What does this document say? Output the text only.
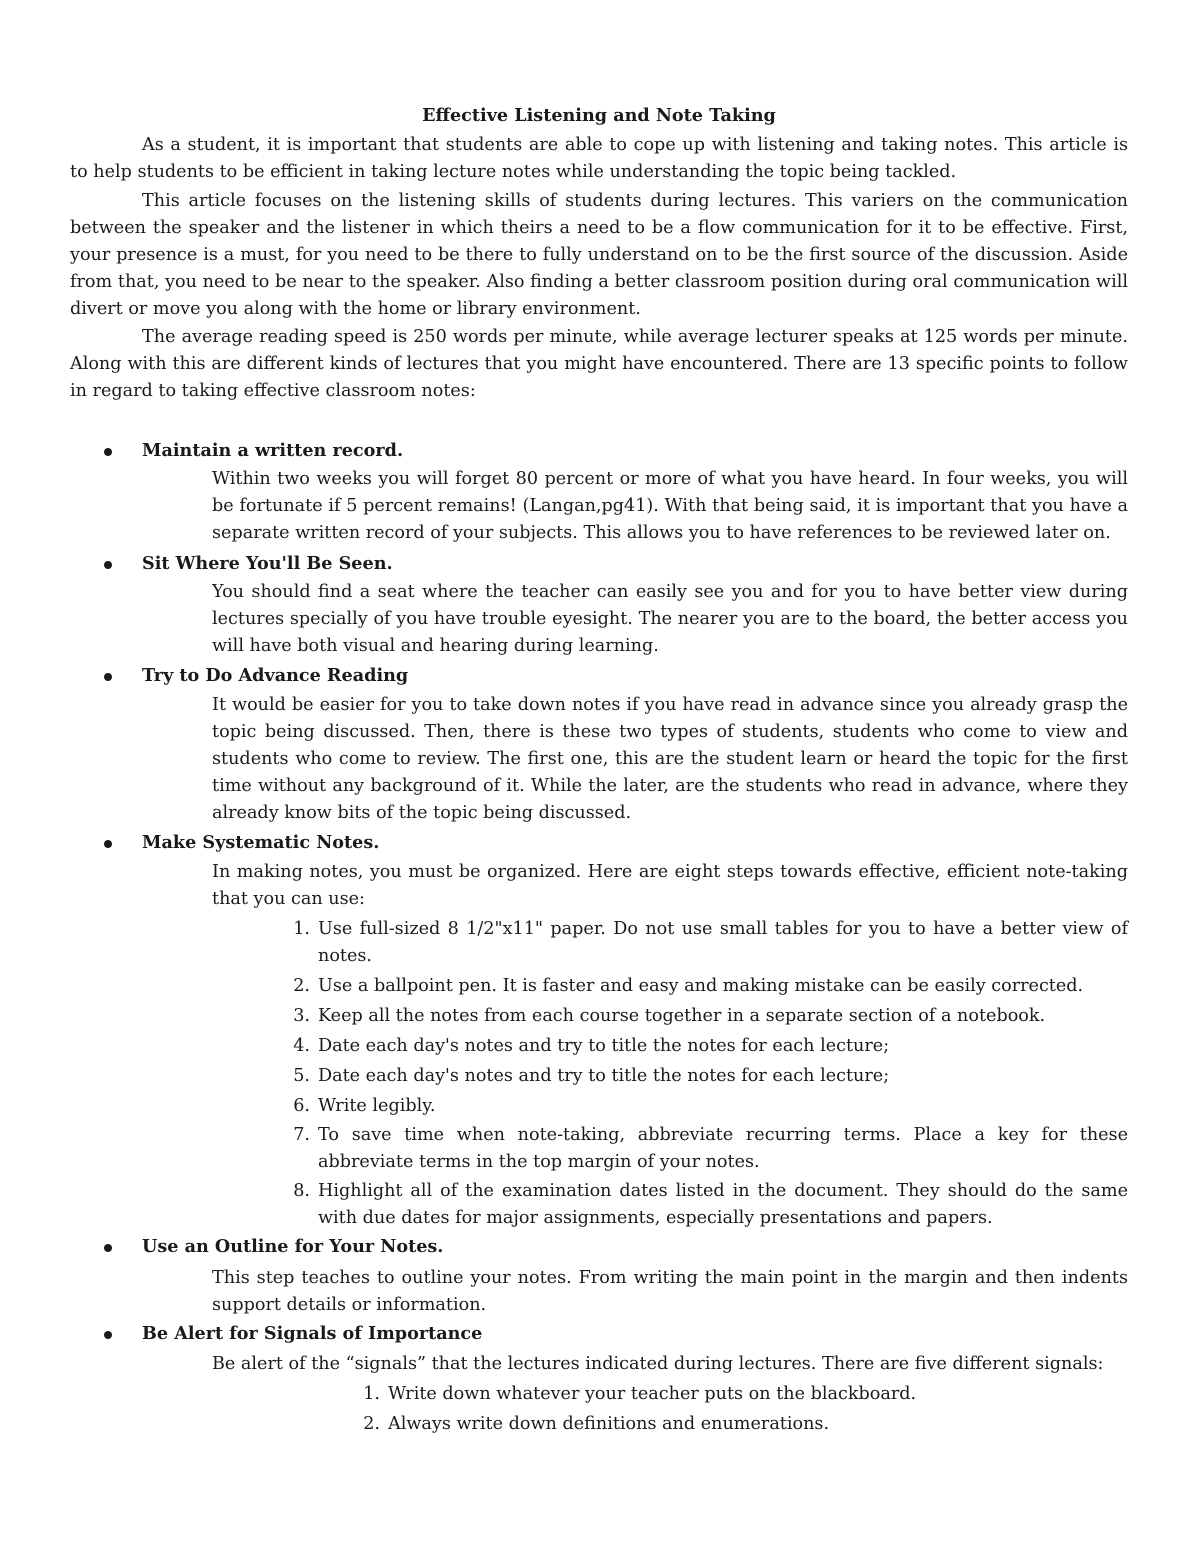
Effective Listening and Note Taking

As a student, it is important that students are able to cope up with listening and taking notes. This article is to help students to be efficient in taking lecture notes while understanding the topic being tackled.

This article focuses on the listening skills of students during lectures. This variers on the communication between the speaker and the listener in which theirs a need to be a flow communication for it to be effective. First, your presence is a must, for you need to be there to fully understand on to be the first source of the discussion. Aside from that, you need to be near to the speaker. Also finding a better classroom position during oral communication will divert or move you along with the home or library environment.

The average reading speed is 250 words per minute, while average lecturer speaks at 125 words per minute. Along with this are different kinds of lectures that you might have encountered. There are 13 specific points to follow in regard to taking effective classroom notes:

Maintain a written record.

Within two weeks you will forget 80 percent or more of what you have heard. In four weeks, you will be fortunate if 5 percent remains! (Langan,pg41). With that being said, it is important that you have a separate written record of your subjects. This allows you to have references to be reviewed later on.

Sit Where You'll Be Seen.

You should find a seat where the teacher can easily see you and for you to have better view during lectures specially of you have trouble eyesight. The nearer you are to the board, the better access you will have both visual and hearing during learning.

Try to Do Advance Reading

It would be easier for you to take down notes if you have read in advance since you already grasp the topic being discussed. Then, there is these two types of students, students who come to view and students who come to review. The first one, this are the student learn or heard the topic for the first time without any background of it. While the later, are the students who read in advance, where they already know bits of the topic being discussed.

Make Systematic Notes.

In making notes, you must be organized. Here are eight steps towards effective, efficient note-taking that you can use:

1. Use full-sized 8 1/2"x11" paper. Do not use small tables for you to have a better view of notes.
2. Use a ballpoint pen. It is faster and easy and making mistake can be easily corrected.
3. Keep all the notes from each course together in a separate section of a notebook.
4. Date each day's notes and try to title the notes for each lecture;
5. Date each day's notes and try to title the notes for each lecture;
6. Write legibly.
7. To save time when note-taking, abbreviate recurring terms. Place a key for these abbreviate terms in the top margin of your notes.
8. Highlight all of the examination dates listed in the document. They should do the same with due dates for major assignments, especially presentations and papers.
Use an Outline for Your Notes.

This step teaches to outline your notes. From writing the main point in the margin and then indents support details or information.

Be Alert for Signals of Importance

Be alert of the “signals” that the lectures indicated during lectures. There are five different signals:

1. Write down whatever your teacher puts on the blackboard.
2. Always write down definitions and enumerations.
